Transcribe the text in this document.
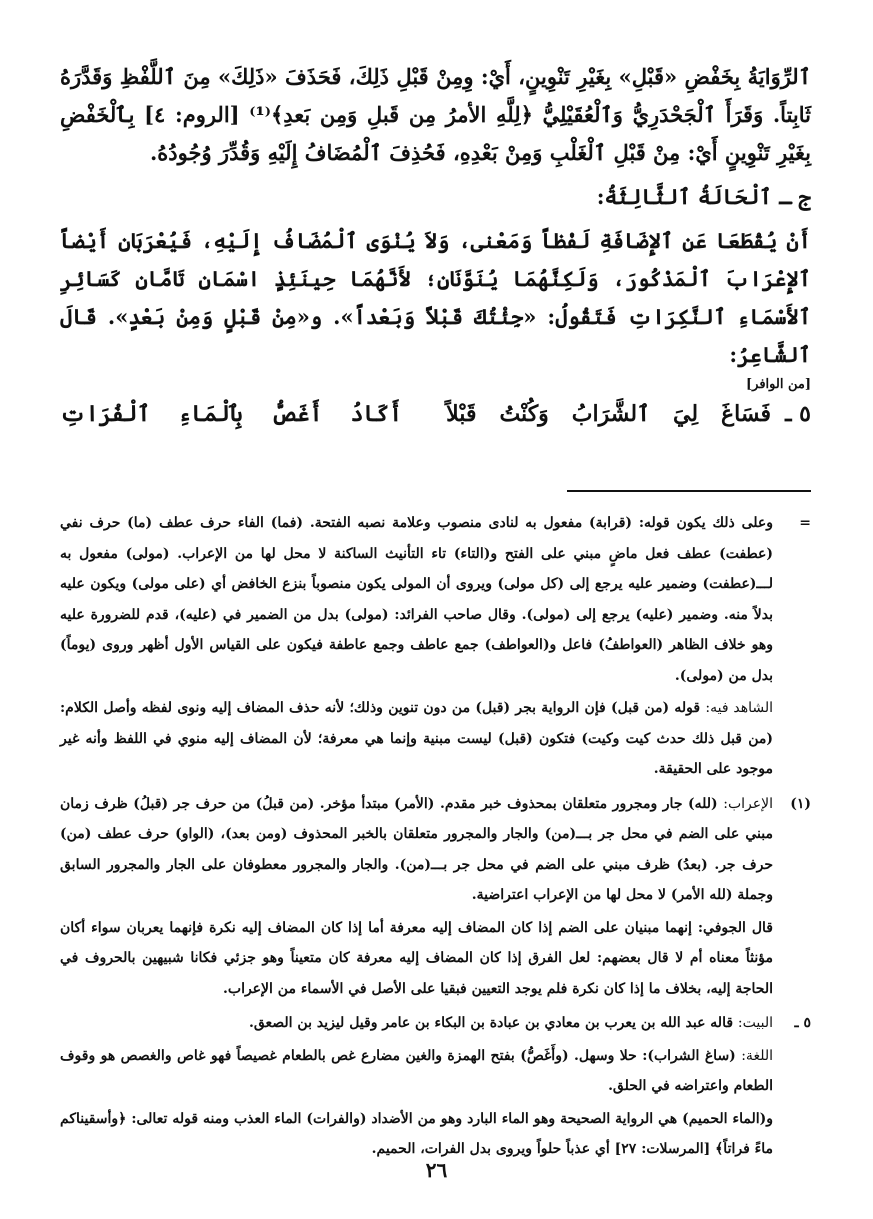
ٱلرِّوَايَةُ بِخَفْضِ «قَبْلِ» بِغَيْرِ تَنْوِينٍ، أَيْ: وِمِنْ قَبْلِ ذَلِكَ، فَحَذَفَ «ذَلِكَ» مِنَ ٱللَّفْظِ وَقَدَّرَهُ ثَابِتاً. وَقَرَأَ ٱلْجَحْدَرِيُّ وَٱلْعُقَيْلِيُّ ﴿لِلَّهِ الأمرُ مِن قَبلِ وَمِن بَعدِ﴾⁽¹⁾ [الروم: ٤] بِٱلْخَفْضِ بِغَيْرِ تَنْوِينٍ أَيْ: مِنْ قَبْلِ ٱلْغَلْبِ وَمِنْ بَعْدِهِ، فَحُذِفَ ٱلْمُضَافُ إِلَيْهِ وَقُدِّرَ وُجُودُهُ.

ج ـ ٱلْحَالَةُ ٱلثَّالِثَةُ:

أَنْ يُقْطَعَا عَنِ ٱلإِضَافَةِ لَفْظاً وَمَعْنى، وَلاَ يُنْوَى ٱلْمُضَافُ إِلَيْهِ، فَيُعْرَبَانِ أَيْضاً ٱلإِعْرَابَ ٱلْمَذْكُورَ، وَلَكِنَّهُمَا يُنَوَّنَانِ؛ لأَنَّهُمَا حِينَئِذٍ اسْمَانِ تَامَّانِ كَسَائِرِ ٱلأَسْمَاءِ ٱلنَّكِرَاتِ فَتَقُولُ: «جِئْتُكَ قَبْلاً وَبَعْداً». و«مِنْ قَبْلٍ وَمِنْ بَعْدٍ». قَالَ ٱلشَّاعِرُ:

[من الوافر]
٥ ـ
فَسَاغَ لِيَ ٱلشَّرَابُ وَكُنْتُ قَبْلاً
أَكَادُ أَغَصُّ بِٱلْمَاءِ ٱلْفُرَاتِ
=

وعلى ذلك يكون قوله: (قرابة) مفعول به لنادى منصوب وعلامة نصبه الفتحة. (فما) الفاء حرف عطف (ما) حرف نفي (عطفت) عطف فعل ماضٍ مبني على الفتح و(التاء) تاء التأنيث الساكنة لا محل لها من الإعراب. (مولى) مفعول به لـــ(عطفت) وضمير عليه يرجع إلى (كل مولى) ويروى أن المولى يكون منصوباً بنزع الخافض أي (على مولى) ويكون عليه بدلاً منه. وضمير (عليه) يرجع إلى (مولى). وقال صاحب الفرائد: (مولى) بدل من الضمير في (عليه)، قدم للضرورة عليه وهو خلاف الظاهر (العواطفُ) فاعل و(العواطف) جمع عاطف وجمع عاطفة فيكون على القياس الأول أظهر وروى (يوماً) بدل من (مولى).

الشاهد فيه: قوله (من قبل) فإن الرواية بجر (قبل) من دون تنوين وذلك؛ لأنه حذف المضاف إليه ونوى لفظه وأصل الكلام: (من قبل ذلك حدث كيت وكيت) فتكون (قبل) ليست مبنية وإنما هي معرفة؛ لأن المضاف إليه منوي في اللفظ وأنه غير موجود على الحقيقة.

(١)

الإعراب: (لله) جار ومجرور متعلقان بمحذوف خبر مقدم. (الأمر) مبتدأ مؤخر. (من قبلُ) من حرف جر (قبلُ) ظرف زمان مبني على الضم في محل جر بـــ(من) والجار والمجرور متعلقان بالخبر المحذوف (ومن بعد)، (الواو) حرف عطف (من) حرف جر. (بعدُ) ظرف مبني على الضم في محل جر بـــ(من). والجار والمجرور معطوفان على الجار والمجرور السابق وجملة (لله الأمر) لا محل لها من الإعراب اعتراضية.

قال الجوفي: إنهما مبنيان على الضم إذا كان المضاف إليه معرفة أما إذا كان المضاف إليه نكرة فإنهما يعربان سواء أكان مؤنثاً معناه أم لا قال بعضهم: لعل الفرق إذا كان المضاف إليه معرفة كان متعيناً وهو جزئي فكانا شبيهين بالحروف في الحاجة إليه، بخلاف ما إذا كان نكرة فلم يوجد التعيين فبقيا على الأصل في الأسماء من الإعراب.

٥ ـ

البيت: قاله عبد الله بن يعرب بن معادي بن عبادة بن البكاء بن عامر وقيل ليزيد بن الصعق.

اللغة: (ساغ الشراب): حلا وسهل. (وأَغَصُّ) بفتح الهمزة والغين مضارع غص بالطعام غصيصاً فهو غاص والغصص هو وقوف الطعام واعتراضه في الحلق.

و(الماء الحميم) هي الرواية الصحيحة وهو الماء البارد وهو من الأضداد (والفرات) الماء العذب ومنه قوله تعالى: ﴿وأسقيناكم ماءً فراتاً﴾ [المرسلات: ٢٧] أي عذباً حلواً ويروى بدل الفرات، الحميم.

٢٦
